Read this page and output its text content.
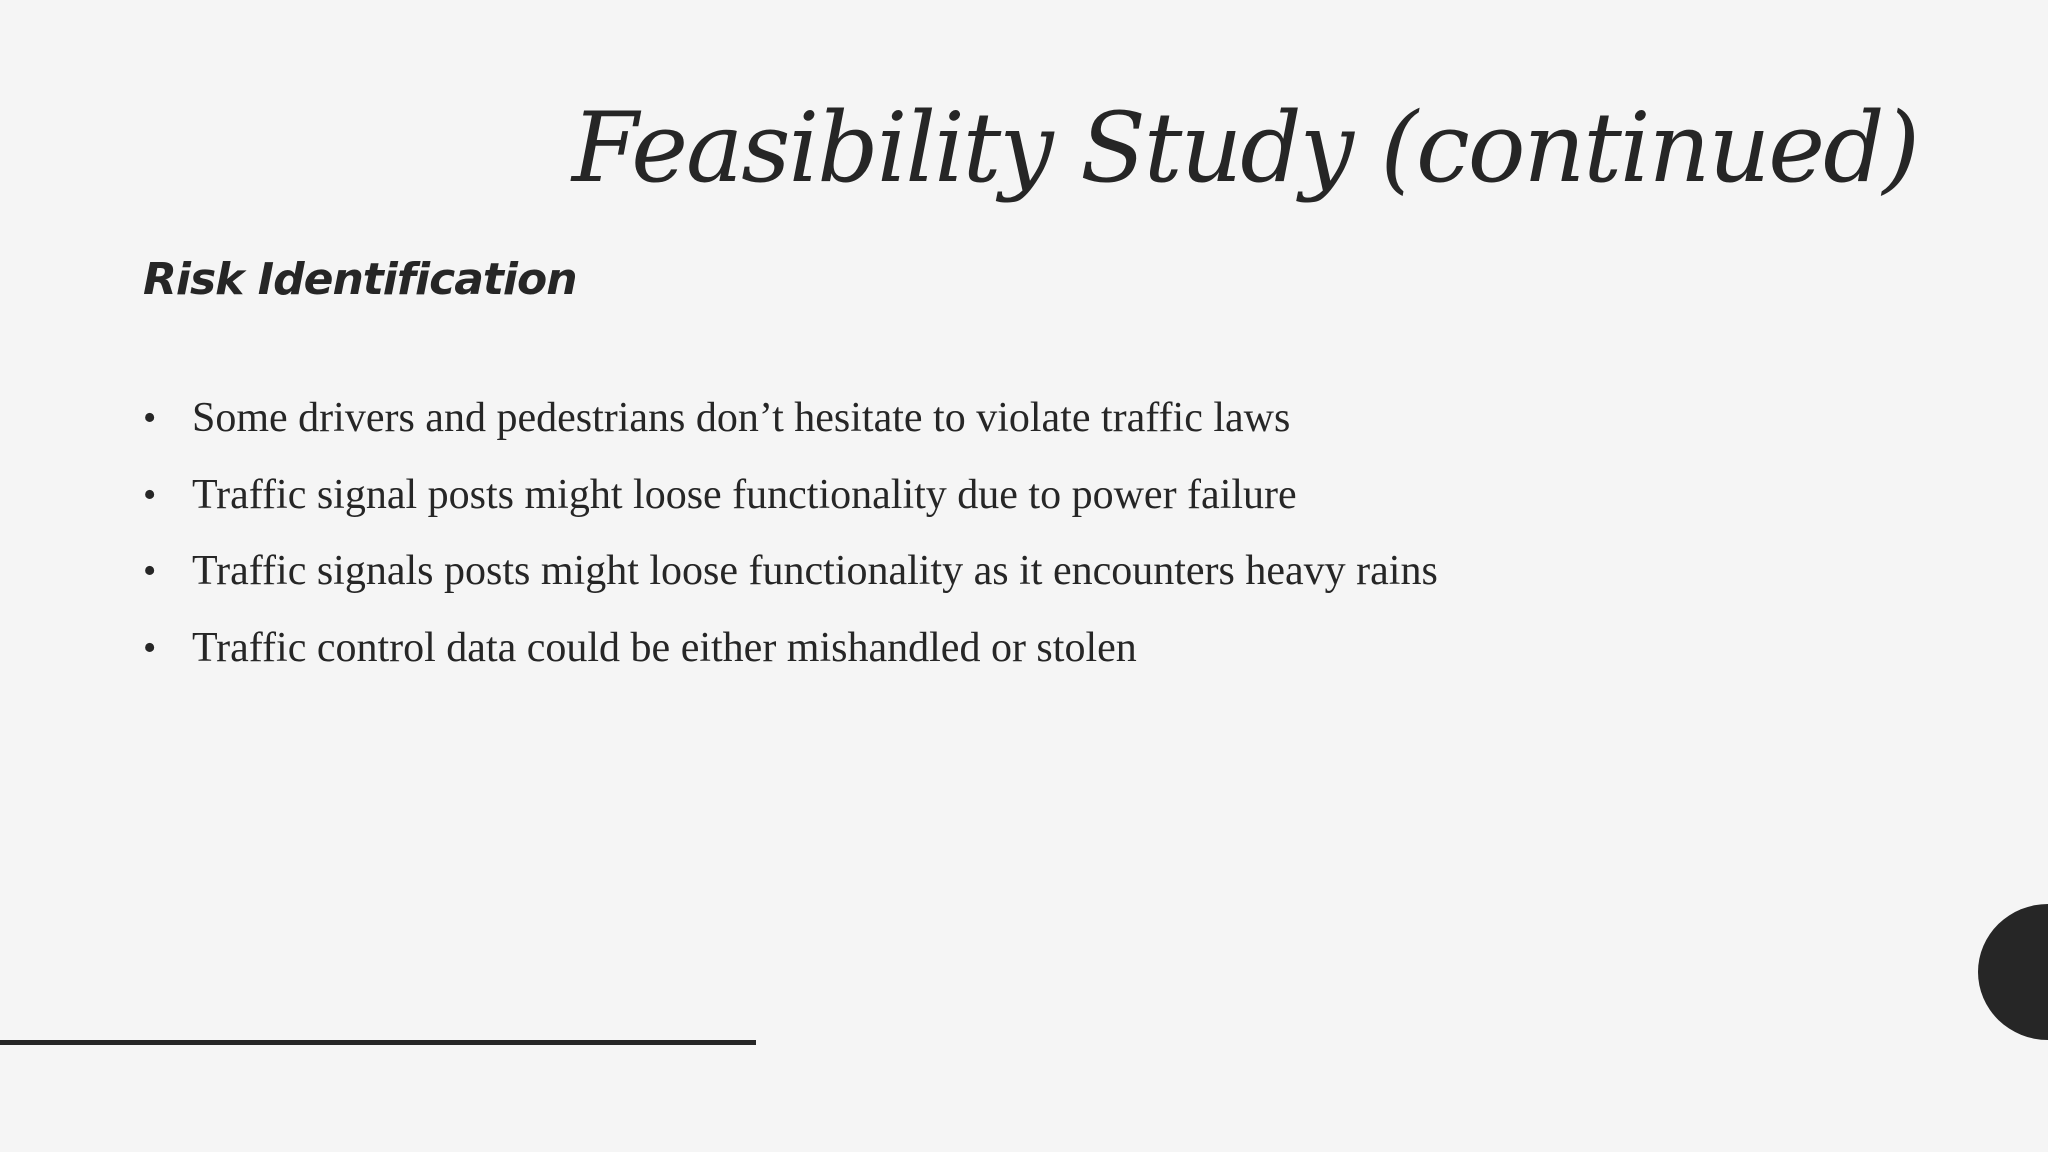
Feasibility Study (continued)
Risk Identification
• Some drivers and pedestrians don’t hesitate to violate traffic laws
• Traffic signal posts might loose functionality due to power failure
• Traffic signals posts might loose functionality as it encounters heavy rains
• Traffic control data could be either mishandled or stolen
